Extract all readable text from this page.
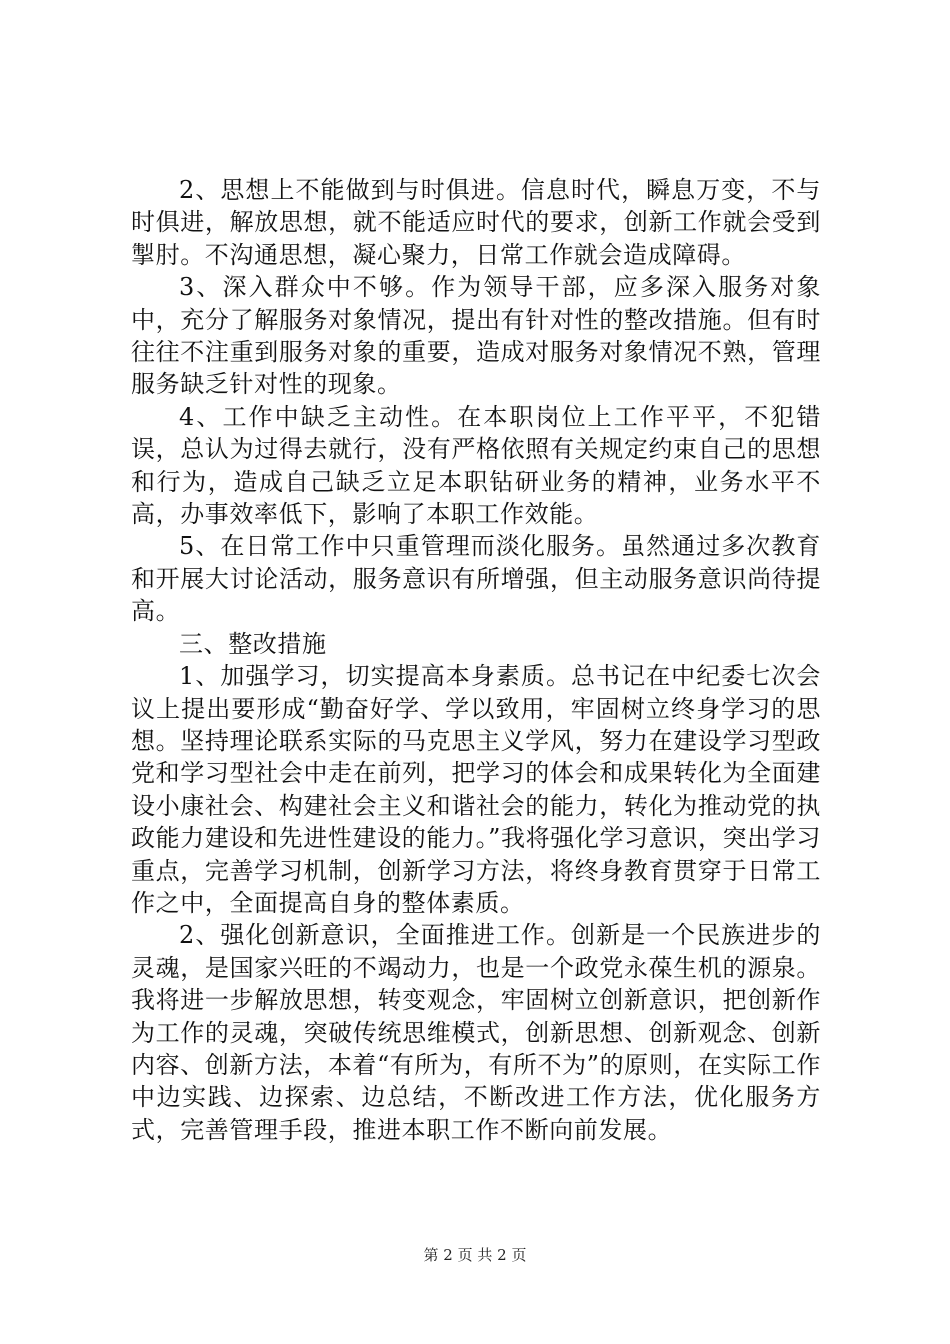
2、思想上不能做到与时俱进。信息时代，瞬息万变，不与时俱进，解放思想，就不能适应时代的要求，创新工作就会受到掣肘。不沟通思想，凝心聚力，日常工作就会造成障碍。

3、深入群众中不够。作为领导干部，应多深入服务对象中，充分了解服务对象情况，提出有针对性的整改措施。但有时往往不注重到服务对象的重要，造成对服务对象情况不熟，管理服务缺乏针对性的现象。

4、工作中缺乏主动性。在本职岗位上工作平平，不犯错误，总认为过得去就行，没有严格依照有关规定约束自己的思想和行为，造成自己缺乏立足本职钻研业务的精神，业务水平不高，办事效率低下，影响了本职工作效能。

5、在日常工作中只重管理而淡化服务。虽然通过多次教育和开展大讨论活动，服务意识有所增强，但主动服务意识尚待提高。

三、整改措施

1、加强学习，切实提高本身素质。总书记在中纪委七次会议上提出要形成“勤奋好学、学以致用，牢固树立终身学习的思想。坚持理论联系实际的马克思主义学风，努力在建设学习型政党和学习型社会中走在前列，把学习的体会和成果转化为全面建设小康社会、构建社会主义和谐社会的能力，转化为推动党的执政能力建设和先进性建设的能力。”我将强化学习意识，突出学习重点，完善学习机制，创新学习方法，将终身教育贯穿于日常工作之中，全面提高自身的整体素质。

2、强化创新意识，全面推进工作。创新是一个民族进步的灵魂，是国家兴旺的不竭动力，也是一个政党永葆生机的源泉。我将进一步解放思想，转变观念，牢固树立创新意识，把创新作为工作的灵魂，突破传统思维模式，创新思想、创新观念、创新内容、创新方法，本着“有所为，有所不为”的原则，在实际工作中边实践、边探索、边总结，不断改进工作方法，优化服务方式，完善管理手段，推进本职工作不断向前发展。

第 2 页 共 2 页
